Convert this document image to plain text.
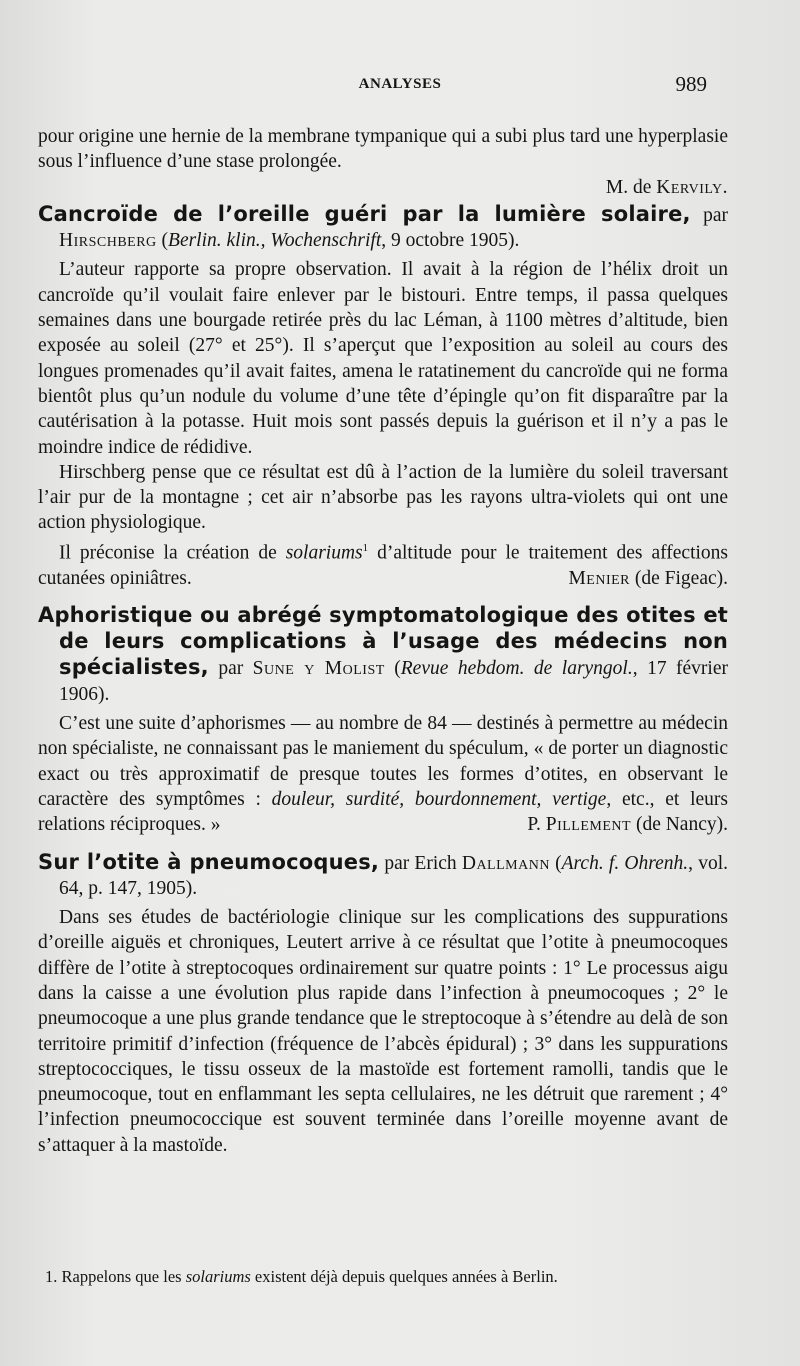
ANALYSES	989

pour origine une hernie de la membrane tympanique qui a subi plus tard une hyperplasie sous l’influence d’une stase prolongée.

M. de Kervily.

Cancroïde de l’oreille guéri par la lumière solaire, par Hirschberg (Berlin. klin., Wochenschrift, 9 octobre 1905).

L’auteur rapporte sa propre observation. Il avait à la région de l’hélix droit un cancroïde qu’il voulait faire enlever par le bistouri. Entre temps, il passa quelques semaines dans une bourgade retirée près du lac Léman, à 1100 mètres d’altitude, bien exposée au soleil (27° et 25°). Il s’aperçut que l’exposition au soleil au cours des longues promenades qu’il avait faites, amena le ratatinement du cancroïde qui ne forma bientôt plus qu’un nodule du volume d’une tête d’épingle qu’on fit disparaître par la cautérisation à la potasse. Huit mois sont passés depuis la guérison et il n’y a pas le moindre indice de rédidive.

Hirschberg pense que ce résultat est dû à l’action de la lumière du soleil traversant l’air pur de la montagne ; cet air n’absorbe pas les rayons ultra-violets qui ont une action physiologique.

Il préconise la création de solariums$^1$ d’altitude pour le traitement des affections cutanées opiniâtres.	Menier (de Figeac).

Aphoristique ou abrégé symptomatologique des otites et de leurs complications à l’usage des médecins non spécialistes, par Sune y Molist (Revue hebdom. de laryngol., 17 février 1906).

C’est une suite d’aphorismes — au nombre de 84 — destinés à permettre au médecin non spécialiste, ne connaissant pas le maniement du spéculum, « de porter un diagnostic exact ou très approximatif de presque toutes les formes d’otites, en observant le caractère des symptômes : douleur, surdité, bourdonnement, vertige, etc., et leurs relations réciproques. »	P. Pillement (de Nancy).

Sur l’otite à pneumocoques, par Erich Dallmann (Arch. f. Ohrenh., vol. 64, p. 147, 1905).

Dans ses études de bactériologie clinique sur les complications des suppurations d’oreille aiguës et chroniques, Leutert arrive à ce résultat que l’otite à pneumocoques diffère de l’otite à streptocoques ordinairement sur quatre points : 1° Le processus aigu dans la caisse a une évolution plus rapide dans l’infection à pneumocoques ; 2° le pneumocoque a une plus grande tendance que le streptocoque à s’étendre au delà de son territoire primitif d’infection (fréquence de l’abcès épidural) ; 3° dans les suppurations streptococciques, le tissu osseux de la mastoïde est fortement ramolli, tandis que le pneumocoque, tout en enflammant les septa cellulaires, ne les détruit que rarement ; 4° l’infection pneumococcique est souvent terminée dans l’oreille moyenne avant de s’attaquer à la mastoïde.

1. Rappelons que les solariums existent déjà depuis quelques années à Berlin.
